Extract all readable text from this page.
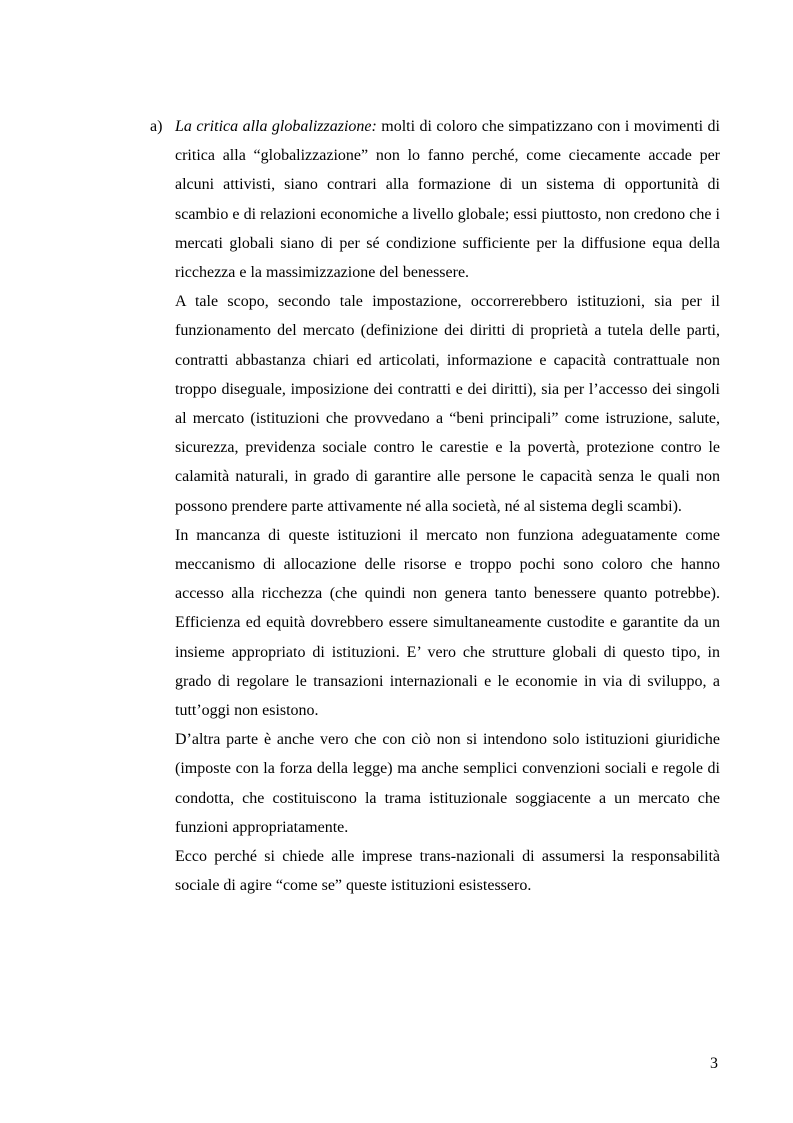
a) La critica alla globalizzazione: molti di coloro che simpatizzano con i movimenti di critica alla “globalizzazione” non lo fanno perché, come ciecamente accade per alcuni attivisti, siano contrari alla formazione di un sistema di opportunità di scambio e di relazioni economiche a livello globale; essi piuttosto, non credono che i mercati globali siano di per sé condizione sufficiente per la diffusione equa della ricchezza e la massimizzazione del benessere.

A tale scopo, secondo tale impostazione, occorrerebbero istituzioni, sia per il funzionamento del mercato (definizione dei diritti di proprietà a tutela delle parti, contratti abbastanza chiari ed articolati, informazione e capacità contrattuale non troppo diseguale, imposizione dei contratti e dei diritti), sia per l’accesso dei singoli al mercato (istituzioni che provvedano a “beni principali” come istruzione, salute, sicurezza, previdenza sociale contro le carestie e la povertà, protezione contro le calamità naturali, in grado di garantire alle persone le capacità senza le quali non possono prendere parte attivamente né alla società, né al sistema degli scambi).

In mancanza di queste istituzioni il mercato non funziona adeguatamente come meccanismo di allocazione delle risorse e troppo pochi sono coloro che hanno accesso alla ricchezza (che quindi non genera tanto benessere quanto potrebbe). Efficienza ed equità dovrebbero essere simultaneamente custodite e garantite da un insieme appropriato di istituzioni. E’ vero che strutture globali di questo tipo, in grado di regolare le transazioni internazionali e le economie in via di sviluppo, a tutt’oggi non esistono.

D’altra parte è anche vero che con ciò non si intendono solo istituzioni giuridiche (imposte con la forza della legge) ma anche semplici convenzioni sociali e regole di condotta, che costituiscono la trama istituzionale soggiacente a un mercato che funzioni appropriatamente.

Ecco perché si chiede alle imprese trans-nazionali di assumersi la responsabilità sociale di agire “come se” queste istituzioni esistessero.

3
